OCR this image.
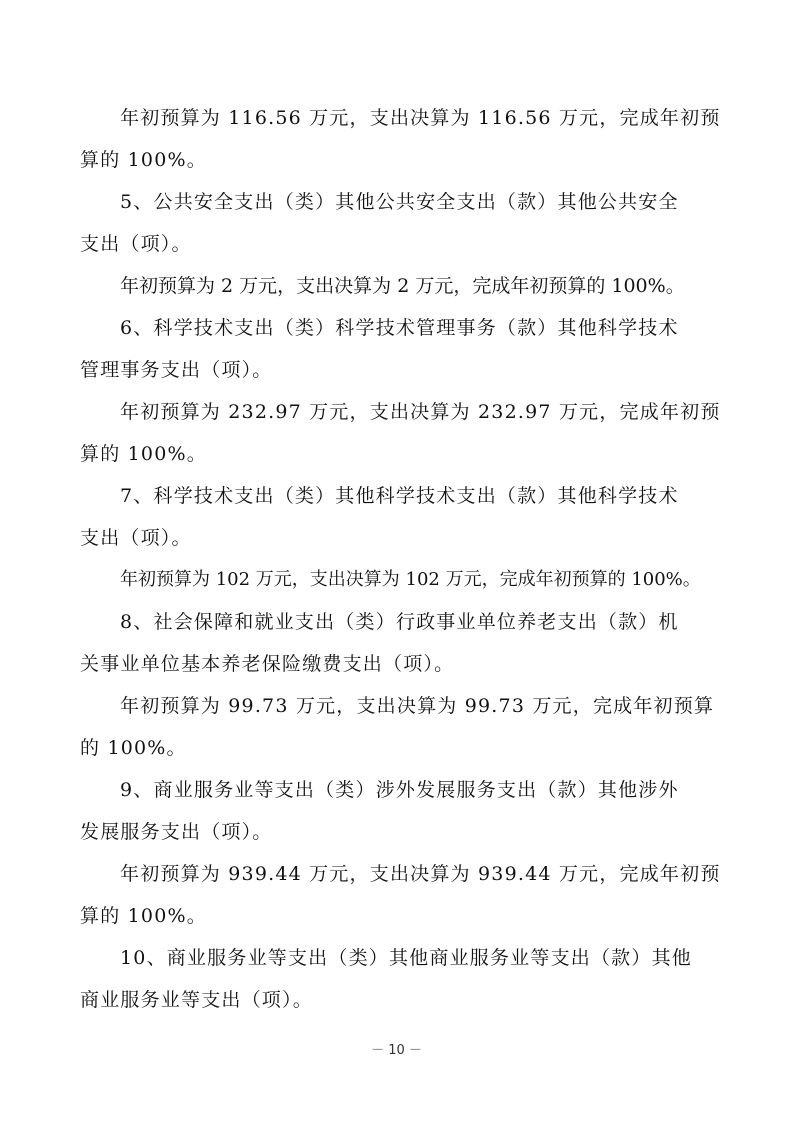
年初预算为 116.56 万元，支出决算为 116.56 万元，完成年初预
算的 100%。
5、公共安全支出（类）其他公共安全支出（款）其他公共安全
支出（项）。
年初预算为 2 万元，支出决算为 2 万元，完成年初预算的 100%。
6、科学技术支出（类）科学技术管理事务（款）其他科学技术
管理事务支出（项）。
年初预算为 232.97 万元，支出决算为 232.97 万元，完成年初预
算的 100%。
7、科学技术支出（类）其他科学技术支出（款）其他科学技术
支出（项）。
年初预算为 102 万元，支出决算为 102 万元，完成年初预算的 100%。
8、社会保障和就业支出（类）行政事业单位养老支出（款）机
关事业单位基本养老保险缴费支出（项）。
年初预算为 99.73 万元，支出决算为 99.73 万元，完成年初预算
的 100%。
9、商业服务业等支出（类）涉外发展服务支出（款）其他涉外
发展服务支出（项）。
年初预算为 939.44 万元，支出决算为 939.44 万元，完成年初预
算的 100%。
10、商业服务业等支出（类）其他商业服务业等支出（款）其他
商业服务业等支出（项）。
－ 10 －
